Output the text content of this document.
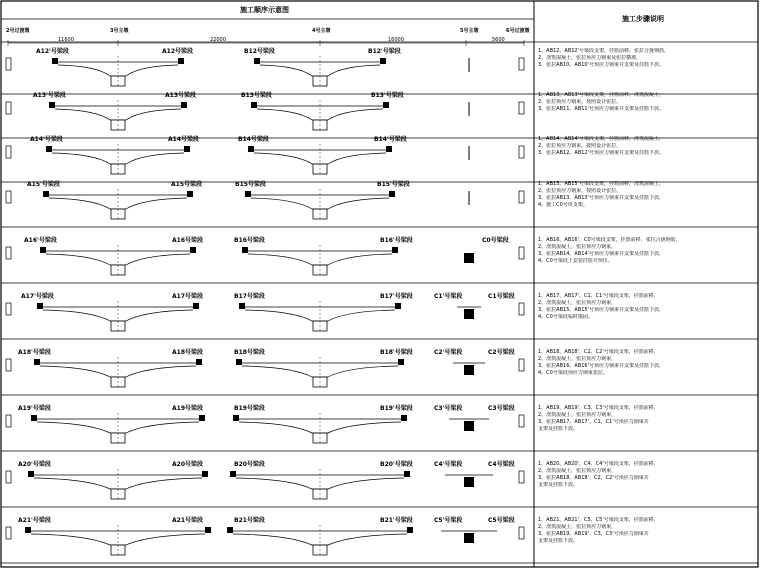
施工顺序示意图
施工步骤说明
2号过渡墩	3号主墩	4号主墩	5号主墩	6号过渡墩
11600	22000	16000	5600
A12'号梁段	A12号梁段	B12号梁段	B12'号梁段	1、AB12、AB12'号梁段支架，挂篮前移，张拉合拢钢筋，
2、浇筑混凝土，张拉预应力钢束及张拉横坡，
3、张拉AB10、AB10'号预应力钢束并支架及挂篮下放。
A13'号梁段	A13号梁段	B13号梁段	B13'号梁段	1、AB13、AB13'号梁段支架，挂篮前移，浇筑混凝土，
2、张拉预应力钢束，按照设计张拉，
3、张拉AB11、AB11'号预应力钢束并支架及挂篮下放。
A14'号梁段	A14号梁段	B14号梁段	B14'号梁段	1、AB14、AB14'号梁段支架，挂篮前移，浇筑混凝土，
2、张拉预应力钢束，按照设计张拉，
3、张拉AB12、AB12'号预应力钢束并支架及挂篮下放。
A15'号梁段	A15号梁段	B15号梁段	B15'号梁段	1、AB15、AB15'号梁段支架，挂篮前移，浇筑混凝土，
2、张拉预应力钢束，按照设计张拉，
3、张拉AB13、AB13'号预应力钢束并支架及挂篮下放，
4、施工C0号块支架。
A16'号梁段	A16号梁段	B16号梁段	B16'号梁段	C0号梁段	1、AB16、AB16'、C0号梁段支架，挂篮前移，张拉合拢钢筋，
2、浇筑混凝土，张拉预应力钢束，
3、张拉AB14、AB14'号预应力钢束并支架及挂篮下放，
4、C0号梁段上安装挂篮并预压。
A17'号梁段	A17号梁段	B17号梁段	B17'号梁段	C1'号梁段	C1号梁段	1、AB17、AB17'、C1、C1'号梁段支架，挂篮前移，
2、浇筑混凝土，张拉预应力钢束，
3、张拉AB15、AB15'号预应力钢束并支架及挂篮下放，
4、C0号梁段临时锚固。
A18'号梁段	A18号梁段	B18号梁段	B18'号梁段	C2'号梁段	C2号梁段	1、AB18、AB18'、C2、C2'号梁段支架，挂篮前移，
2、浇筑混凝土，张拉预应力钢束，
3、张拉AB16、AB16'号预应力钢束并支架及挂篮下放，
4、C0号梁段预应力钢束张拉。
A19'号梁段	A19号梁段	B19号梁段	B19'号梁段	C3'号梁段	C3号梁段	1、AB19、AB19'、C3、C3'号梁段支架，挂篮前移，
2、浇筑混凝土，张拉预应力钢束，
3、张拉AB17、AB17'、C1、C1'号预应力钢束并
支架及挂篮下放。
A20'号梁段	A20号梁段	B20号梁段	B20'号梁段	C4'号梁段	C4号梁段	1、AB20、AB20'、C4、C4'号梁段支架，挂篮前移，
2、浇筑混凝土，张拉预应力钢束，
3、张拉AB18、AB18'、C2、C2'号预应力钢束并
支架及挂篮下放。
A21'号梁段	A21号梁段	B21号梁段	B21'号梁段	C5'号梁段	C5号梁段	1、AB21、AB21'、C5、C5'号梁段支架，挂篮前移，
2、浇筑混凝土，张拉预应力钢束，
3、张拉AB19、AB19'、C3、C3'号预应力钢束并
支架及挂篮下放。
